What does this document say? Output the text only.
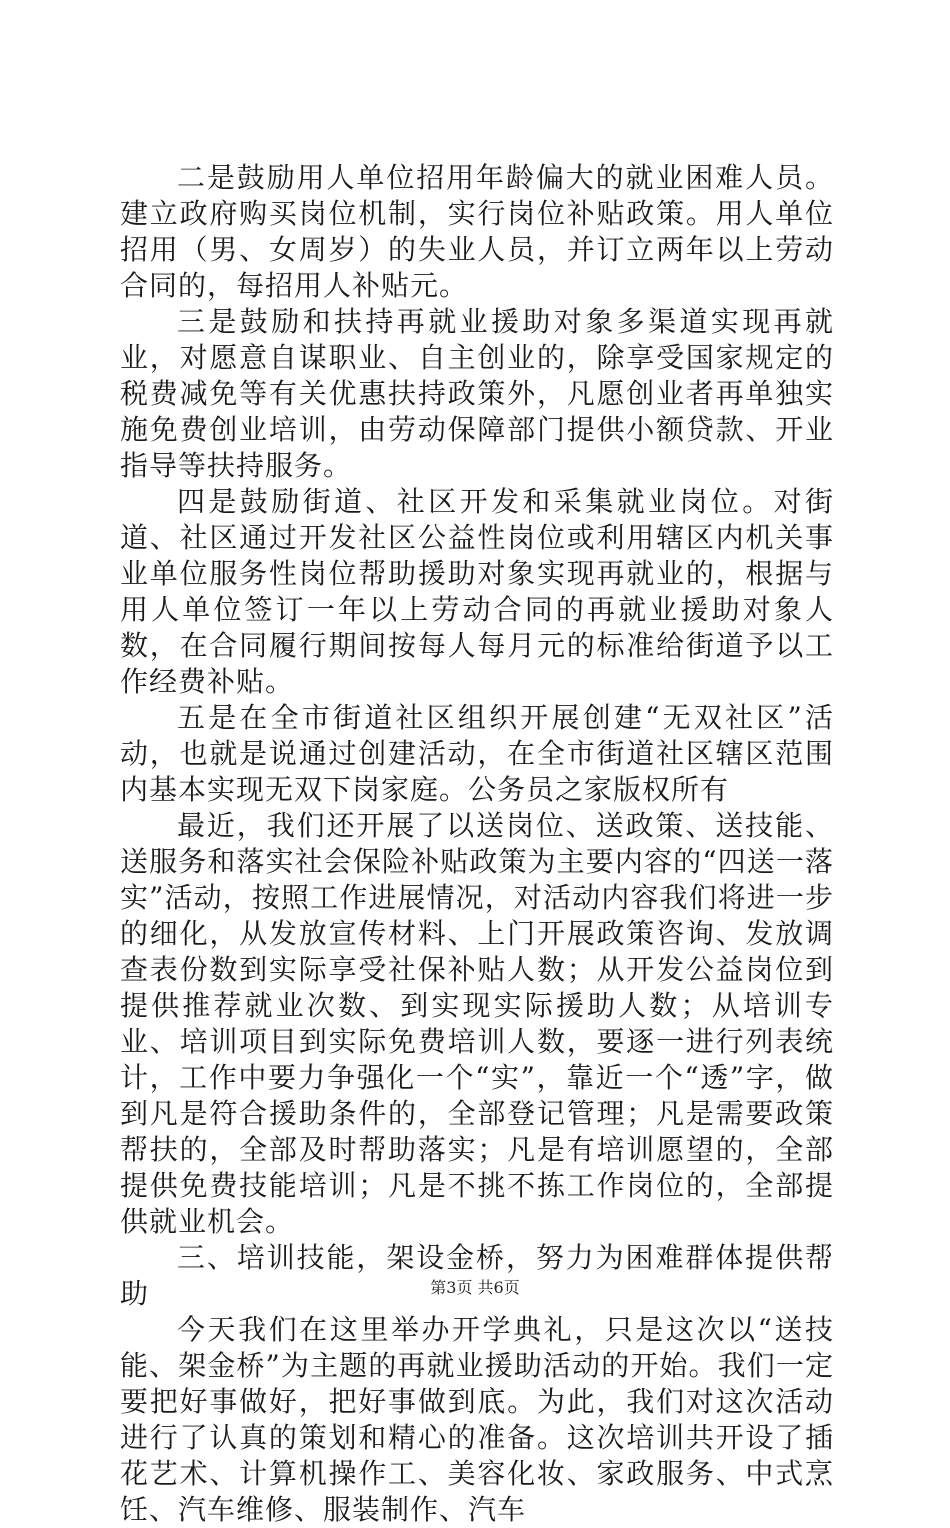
二是鼓励用人单位招用年龄偏大的就业困难人员。建立政府购买岗位机制，实行岗位补贴政策。用人单位招用（男、女周岁）的失业人员，并订立两年以上劳动合同的，每招用人补贴元。

三是鼓励和扶持再就业援助对象多渠道实现再就业，对愿意自谋职业、自主创业的，除享受国家规定的税费减免等有关优惠扶持政策外，凡愿创业者再单独实施免费创业培训，由劳动保障部门提供小额贷款、开业指导等扶持服务。

四是鼓励街道、社区开发和采集就业岗位。对街道、社区通过开发社区公益性岗位或利用辖区内机关事业单位服务性岗位帮助援助对象实现再就业的，根据与用人单位签订一年以上劳动合同的再就业援助对象人数，在合同履行期间按每人每月元的标准给街道予以工作经费补贴。

五是在全市街道社区组织开展创建“无双社区”活动，也就是说通过创建活动，在全市街道社区辖区范围内基本实现无双下岗家庭。公务员之家版权所有

最近，我们还开展了以送岗位、送政策、送技能、送服务和落实社会保险补贴政策为主要内容的“四送一落实”活动，按照工作进展情况，对活动内容我们将进一步的细化，从发放宣传材料、上门开展政策咨询、发放调查表份数到实际享受社保补贴人数；从开发公益岗位到提供推荐就业次数、到实现实际援助人数；从培训专业、培训项目到实际免费培训人数，要逐一进行列表统计，工作中要力争强化一个“实”，靠近一个“透”字，做到凡是符合援助条件的，全部登记管理；凡是需要政策帮扶的，全部及时帮助落实；凡是有培训愿望的，全部提供免费技能培训；凡是不挑不拣工作岗位的，全部提供就业机会。

三、培训技能，架设金桥，努力为困难群体提供帮助

今天我们在这里举办开学典礼，只是这次以“送技能、架金桥”为主题的再就业援助活动的开始。我们一定要把好事做好，把好事做到底。为此，我们对这次活动进行了认真的策划和精心的准备。这次培训共开设了插花艺术、计算机操作工、美容化妆、家政服务、中式烹饪、汽车维修、服装制作、汽车

第3页 共6页
